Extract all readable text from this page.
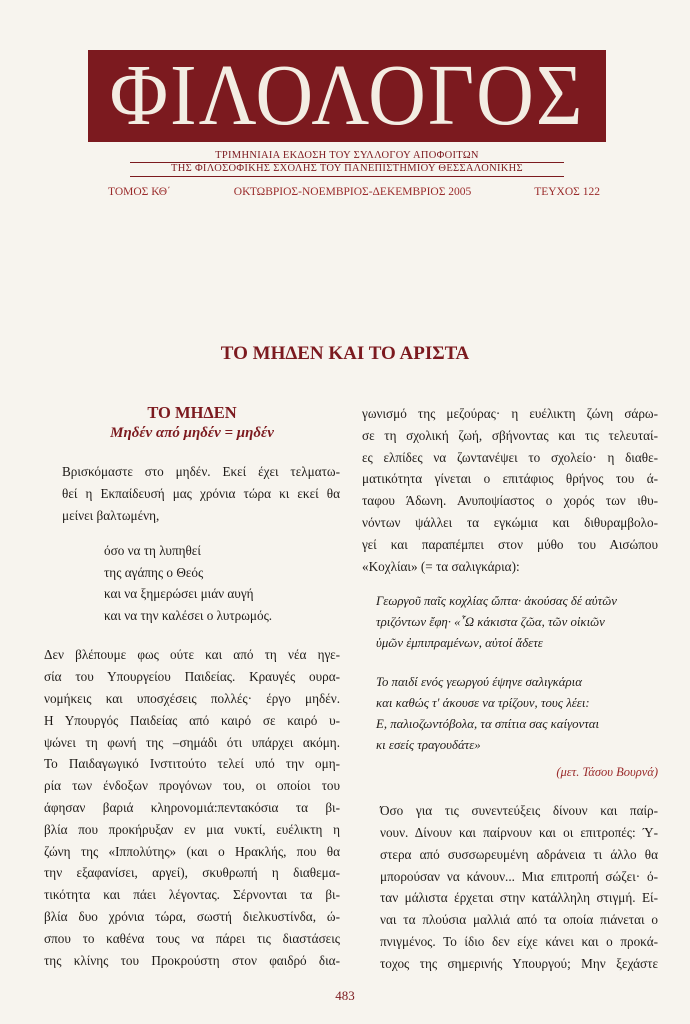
ΦΙΛΟΛΟΓΟΣ
ΤΡΙΜΗΝΙΑΙΑ ΕΚΔΟΣΗ ΤΟΥ ΣΥΛΛΟΓΟΥ ΑΠΟΦΟΙΤΩΝ
ΤΗΣ ΦΙΛΟΣΟΦΙΚΗΣ ΣΧΟΛΗΣ ΤΟΥ ΠΑΝΕΠΙΣΤΗΜΙΟΥ ΘΕΣΣΑΛΟΝΙΚΗΣ
ΤΟΜΟΣ ΚΘ΄	ΟΚΤΩΒΡΙΟΣ-ΝΟΕΜΒΡΙΟΣ-ΔΕΚΕΜΒΡΙΟΣ 2005	ΤΕΥΧΟΣ 122
ΤΟ ΜΗΔΕΝ ΚΑΙ ΤΟ ΑΡΙΣΤΑ
ΤΟ ΜΗΔΕΝ
Μηδέν από μηδέν = μηδέν
Βρισκόμαστε στο μηδέν. Εκεί έχει τελματω-
θεί η Εκπαίδευσή μας χρόνια τώρα κι εκεί θα
μείνει βαλτωμένη,
όσο να τη λυπηθεί
της αγάπης ο Θεός
και να ξημερώσει μιάν αυγή
και να την καλέσει ο λυτρωμός.
Δεν βλέπουμε φως ούτε και από τη νέα ηγε-
σία του Υπουργείου Παιδείας. Κραυγές ουρα-
νομήκεις και υποσχέσεις πολλές· έργο μηδέν.
Η Υπουργός Παιδείας από καιρό σε καιρό υ-
ψώνει τη φωνή της –σημάδι ότι υπάρχει ακόμη.
Το Παιδαγωγικό Ινστιτούτο τελεί υπό την ομη-
ρία των ένδοξων προγόνων του, οι οποίοι του
άφησαν βαριά κληρονομιά:πεντακόσια τα βι-
βλία που προκήρυξαν εν μια νυκτί, ευέλικτη η
ζώνη της «Ιππολύτης» (και ο Ηρακλής, που θα
την εξαφανίσει, αργεί), σκυθρωπή η διαθεμα-
τικότητα και πάει λέγοντας. Σέρνονται τα βι-
βλία δυο χρόνια τώρα, σωστή διελκυστίνδα, ώ-
σπου το καθένα τους να πάρει τις διαστάσεις
της κλίνης του Προκρούστη στον φαιδρό δια-
γωνισμό της μεζούρας· η ευέλικτη ζώνη σάρω-
σε τη σχολική ζωή, σβήνοντας και τις τελευταί-
ες ελπίδες να ζωντανέψει το σχολείο· η διαθε-
ματικότητα γίνεται ο επιτάφιος θρήνος του ά-
ταφου Άδωνη. Ανυποψίαστος ο χορός των ιθυ-
νόντων ψάλλει τα εγκώμια και διθυραμβολο-
γεί και παραπέμπει στον μύθο του Αισώπου
«Κοχλίαι» (= τα σαλιγκάρια):
Γεωργοῦ παῖς κοχλίας ὤπτα· ἀκούσας δέ αὐτῶν
τριζόντων ἔφη· «῏Ω κάκιστα ζῶα, τῶν οἰκιῶν
ὑμῶν ἐμπιπραμένων, αὐτοί ἄδετε
Το παιδί ενός γεωργού έψηνε σαλιγκάρια
και καθώς τ' άκουσε να τρίζουν, τους λέει:
Ε, παλιοζωντόβολα, τα σπίτια σας καίγονται
κι εσείς τραγουδάτε»
(μετ. Τάσου Βουρνά)
Όσο για τις συνεντεύξεις δίνουν και παίρ-
νουν. Δίνουν και παίρνουν και οι επιτροπές: Ύ-
στερα από συσσωρευμένη αδράνεια τι άλλο θα
μπορούσαν να κάνουν... Μια επιτροπή σώζει· ό-
ταν μάλιστα έρχεται στην κατάλληλη στιγμή. Εί-
ναι τα πλούσια μαλλιά από τα οποία πιάνεται ο
πνιγμένος. Το ίδιο δεν είχε κάνει και ο προκά-
τοχος της σημερινής Υπουργού; Μην ξεχάστε
483
